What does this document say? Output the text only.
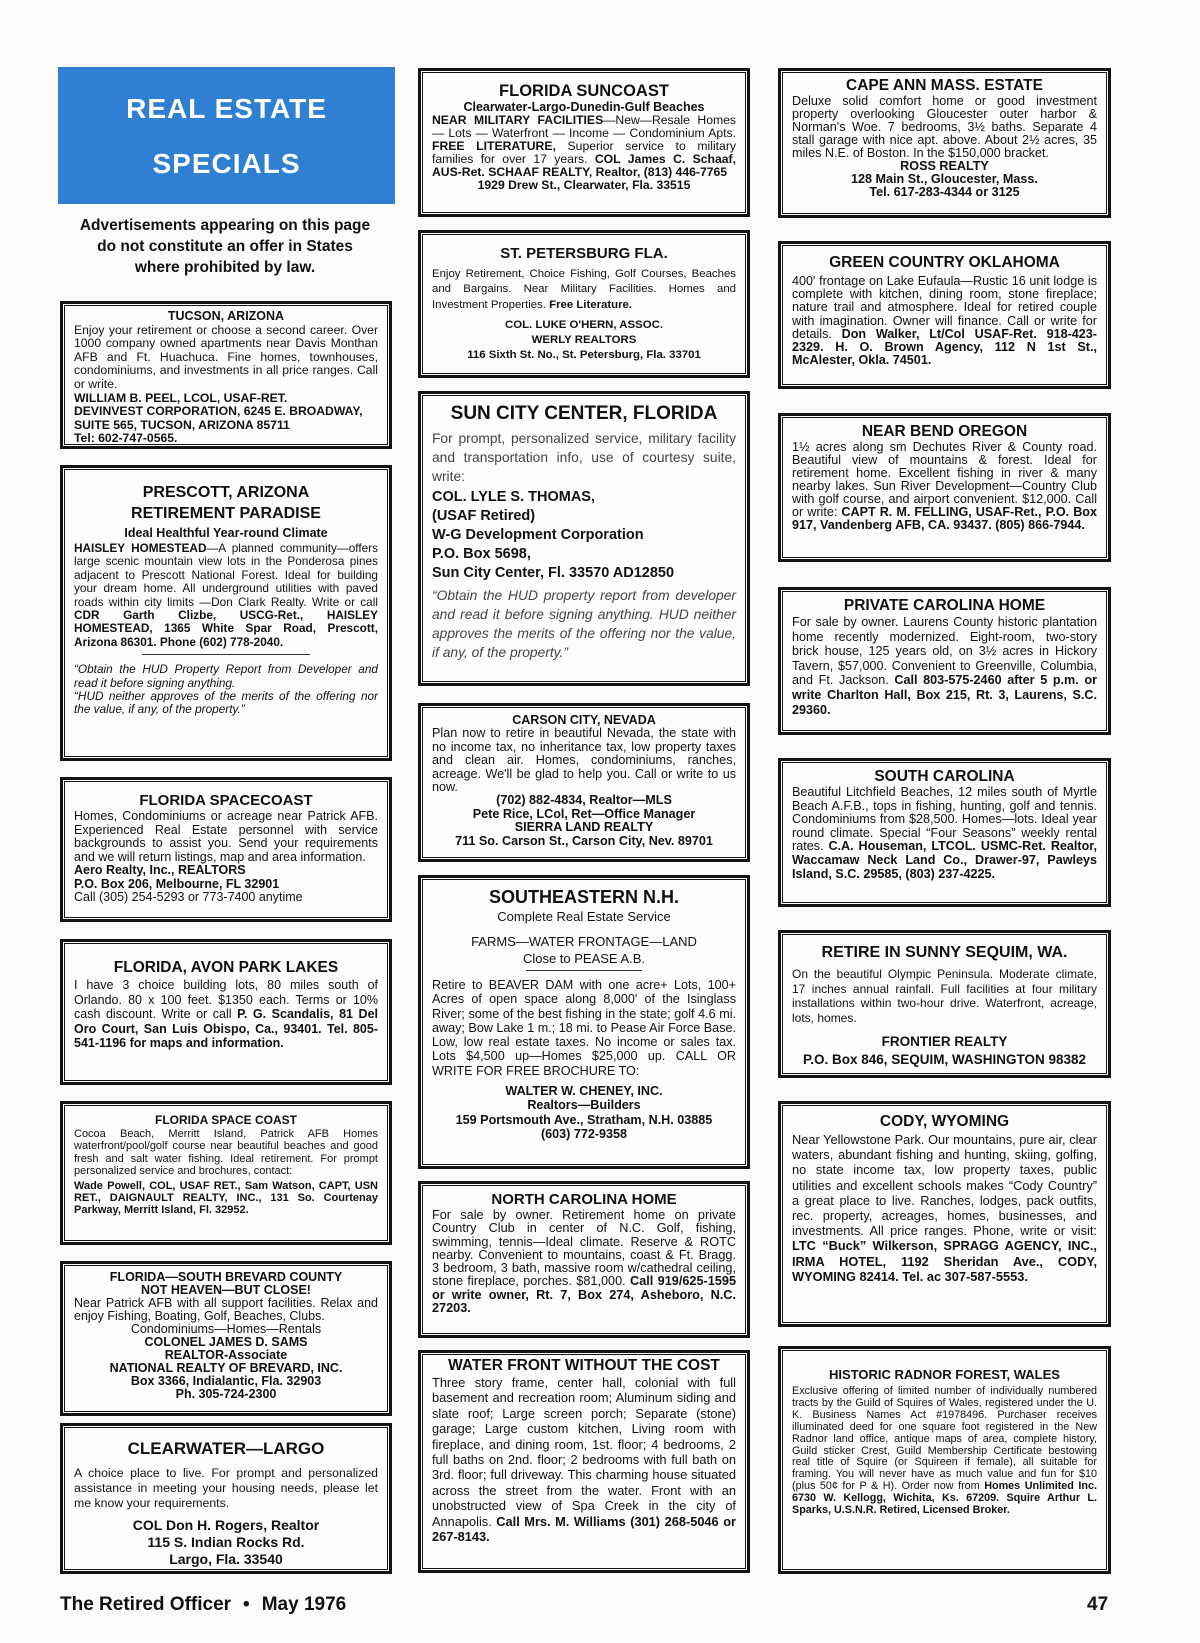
REAL ESTATE
SPECIALS
Advertisements appearing on this page
do not constitute an offer in States
where prohibited by law.

TUCSON, ARIZONA

Enjoy your retirement or choose a second career. Over 1000 company owned apartments near Davis Monthan AFB and Ft. Huachuca. Fine homes, townhouses, condominiums, and investments in all price ranges. Call or write.

WILLIAM B. PEEL, LCOL, USAF-RET.

DEVINVEST CORPORATION, 6245 E. BROADWAY, SUITE 565, TUCSON, ARIZONA 85711

Tel: 602-747-0565.

PRESCOTT, ARIZONA

RETIREMENT PARADISE

Ideal Healthful Year-round Climate

HAISLEY HOMESTEAD—A planned community—offers large scenic mountain view lots in the Ponderosa pines adjacent to Prescott National Forest. Ideal for building your dream home. All underground utilities with paved roads within city limits —Don Clark Realty. Write or call CDR Garth Clizbe, USCG-Ret., HAISLEY HOMESTEAD, 1365 White Spar Road, Prescott, Arizona 86301. Phone (602) 778-2040.

“Obtain the HUD Property Report from Developer and read it before signing anything.

“HUD neither approves of the merits of the offering nor the value, if any, of the property.”

FLORIDA SPACECOAST

Homes, Condominiums or acreage near Patrick AFB. Experienced Real Estate personnel with service backgrounds to assist you. Send your requirements and we will return listings, map and area information.

Aero Realty, Inc., REALTORS

P.O. Box 206, Melbourne, FL 32901

Call (305) 254-5293 or 773-7400 anytime

FLORIDA, AVON PARK LAKES

I have 3 choice building lots, 80 miles south of Orlando. 80 x 100 feet. $1350 each. Terms or 10% cash discount. Write or call P. G. Scandalis, 81 Del Oro Court, San Luis Obispo, Ca., 93401. Tel. 805-541-1196 for maps and information.

FLORIDA SPACE COAST

Cocoa Beach, Merritt Island, Patrick AFB Homes waterfront/pool/golf course near beautiful beaches and good fresh and salt water fishing. Ideal retirement. For prompt personalized service and brochures, contact:

Wade Powell, COL, USAF RET., Sam Watson, CAPT, USN RET., DAIGNAULT REALTY, INC., 131 So. Courtenay Parkway, Merritt Island, Fl. 32952.

FLORIDA—SOUTH BREVARD COUNTY

NOT HEAVEN—BUT CLOSE!

Near Patrick AFB with all support facilities. Relax and enjoy Fishing, Boating, Golf, Beaches, Clubs.

Condominiums—Homes—Rentals

COLONEL JAMES D. SAMS

REALTOR-Associate

NATIONAL REALTY OF BREVARD, INC.

Box 3366, Indialantic, Fla. 32903

Ph. 305-724-2300

CLEARWATER—LARGO

A choice place to live. For prompt and personalized assistance in meeting your housing needs, please let me know your requirements.

COL Don H. Rogers, Realtor

115 S. Indian Rocks Rd.

Largo, Fla. 33540

FLORIDA SUNCOAST

Clearwater-Largo-Dunedin-Gulf Beaches

NEAR MILITARY FACILITIES—New—Resale Homes — Lots — Waterfront — Income — Condominium Apts. FREE LITERATURE, Superior service to military families for over 17 years. COL James C. Schaaf, AUS-Ret. SCHAAF REALTY, Realtor, (813) 446-7765

1929 Drew St., Clearwater, Fla. 33515

ST. PETERSBURG FLA.

Enjoy Retirement, Choice Fishing, Golf Courses, Beaches and Bargains. Near Military Facilities. Homes and Investment Properties. Free Literature.

COL. LUKE O'HERN, ASSOC.

WERLY REALTORS

116 Sixth St. No., St. Petersburg, Fla. 33701

SUN CITY CENTER, FLORIDA

For prompt, personalized service, military facility and transportation info, use of courtesy suite, write:

COL. LYLE S. THOMAS,

(USAF Retired)

W-G Development Corporation

P.O. Box 5698,

Sun City Center, Fl. 33570 AD12850

“Obtain the HUD property report from developer and read it before signing anything. HUD neither approves the merits of the offering nor the value, if any, of the property.”

CARSON CITY, NEVADA

Plan now to retire in beautiful Nevada, the state with no income tax, no inheritance tax, low property taxes and clean air. Homes, condominiums, ranches, acreage. We'll be glad to help you. Call or write to us now.

(702) 882-4834, Realtor—MLS

Pete Rice, LCol, Ret—Office Manager

SIERRA LAND REALTY

711 So. Carson St., Carson City, Nev. 89701

SOUTHEASTERN N.H.

Complete Real Estate Service

FARMS—WATER FRONTAGE—LAND

Close to PEASE A.B.

Retire to BEAVER DAM with one acre+ Lots, 100+ Acres of open space along 8,000' of the Isinglass River; some of the best fishing in the state; golf 4.6 mi. away; Bow Lake 1 m.; 18 mi. to Pease Air Force Base. Low, low real estate taxes. No income or sales tax. Lots $4,500 up—Homes $25,000 up. CALL OR WRITE FOR FREE BROCHURE TO:

WALTER W. CHENEY, INC.

Realtors—Builders

159 Portsmouth Ave., Stratham, N.H. 03885

(603) 772-9358

NORTH CAROLINA HOME

For sale by owner. Retirement home on private Country Club in center of N.C. Golf, fishing, swimming, tennis—Ideal climate. Reserve & ROTC nearby. Convenient to mountains, coast & Ft. Bragg. 3 bedroom, 3 bath, massive room w/cathedral ceiling, stone fireplace, porches. $81,000. Call 919/625-1595 or write owner, Rt. 7, Box 274, Asheboro, N.C. 27203.

WATER FRONT WITHOUT THE COST

Three story frame, center hall, colonial with full basement and recreation room; Aluminum siding and slate roof; Large screen porch; Separate (stone) garage; Large custom kitchen, Living room with fireplace, and dining room, 1st. floor; 4 bedrooms, 2 full baths on 2nd. floor; 2 bedrooms with full bath on 3rd. floor; full driveway. This charming house situated across the street from the water. Front with an unobstructed view of Spa Creek in the city of Annapolis. Call Mrs. M. Williams (301) 268-5046 or 267-8143.

CAPE ANN MASS. ESTATE

Deluxe solid comfort home or good investment property overlooking Gloucester outer harbor & Norman's Woe. 7 bedrooms, 3½ baths. Separate 4 stall garage with nice apt. above. About 2½ acres, 35 miles N.E. of Boston. In the $150,000 bracket.

ROSS REALTY

128 Main St., Gloucester, Mass.

Tel. 617-283-4344 or 3125

GREEN COUNTRY OKLAHOMA

400' frontage on Lake Eufaula—Rustic 16 unit lodge is complete with kitchen, dining room, stone fireplace; nature trail and atmosphere. Ideal for retired couple with imagination. Owner will finance. Call or write for details. Don Walker, Lt/Col USAF-Ret. 918-423-2329. H. O. Brown Agency, 112 N 1st St., McAlester, Okla. 74501.

NEAR BEND OREGON

1½ acres along sm Dechutes River & County road. Beautiful view of mountains & forest. Ideal for retirement home. Excellent fishing in river & many nearby lakes. Sun River Development—Country Club with golf course, and airport convenient. $12,000. Call or write: CAPT R. M. FELLING, USAF-Ret., P.O. Box 917, Vandenberg AFB, CA. 93437. (805) 866-7944.

PRIVATE CAROLINA HOME

For sale by owner. Laurens County historic plantation home recently modernized. Eight-room, two-story brick house, 125 years old, on 3½ acres in Hickory Tavern, $57,000. Convenient to Greenville, Columbia, and Ft. Jackson. Call 803-575-2460 after 5 p.m. or write Charlton Hall, Box 215, Rt. 3, Laurens, S.C. 29360.

SOUTH CAROLINA

Beautiful Litchfield Beaches, 12 miles south of Myrtle Beach A.F.B., tops in fishing, hunting, golf and tennis. Condominiums from $28,500. Homes—lots. Ideal year round climate. Special “Four Seasons” weekly rental rates. C.A. Houseman, LTCOL. USMC-Ret. Realtor, Waccamaw Neck Land Co., Drawer-97, Pawleys Island, S.C. 29585, (803) 237-4225.

RETIRE IN SUNNY SEQUIM, WA.

On the beautiful Olympic Peninsula. Moderate climate, 17 inches annual rainfall. Full facilities at four military installations within two-hour drive. Waterfront, acreage, lots, homes.

FRONTIER REALTY

P.O. Box 846, SEQUIM, WASHINGTON 98382

CODY, WYOMING

Near Yellowstone Park. Our mountains, pure air, clear waters, abundant fishing and hunting, skiing, golfing, no state income tax, low property taxes, public utilities and excellent schools makes “Cody Country” a great place to live. Ranches, lodges, pack outfits, rec. property, acreages, homes, businesses, and investments. All price ranges. Phone, write or visit: LTC “Buck” Wilkerson, SPRAGG AGENCY, INC., IRMA HOTEL, 1192 Sheridan Ave., CODY, WYOMING 82414. Tel. ac 307-587-5553.

HISTORIC RADNOR FOREST, WALES

Exclusive offering of limited number of individually numbered tracts by the Guild of Squires of Wales, registered under the U. K. Business Names Act #1978496. Purchaser receives illuminated deed for one square foot registered in the New Radnor land office, antique maps of area, complete history, Guild sticker Crest, Guild Membership Certificate bestowing real title of Squire (or Squireen if female), all suitable for framing. You will never have as much value and fun for $10 (plus 50¢ for P & H). Order now from Homes Unlimited Inc. 6730 W. Kellogg, Wichita, Ks. 67209. Squire Arthur L. Sparks, U.S.N.R. Retired, Licensed Broker.

The Retired Officer • May 1976	47
